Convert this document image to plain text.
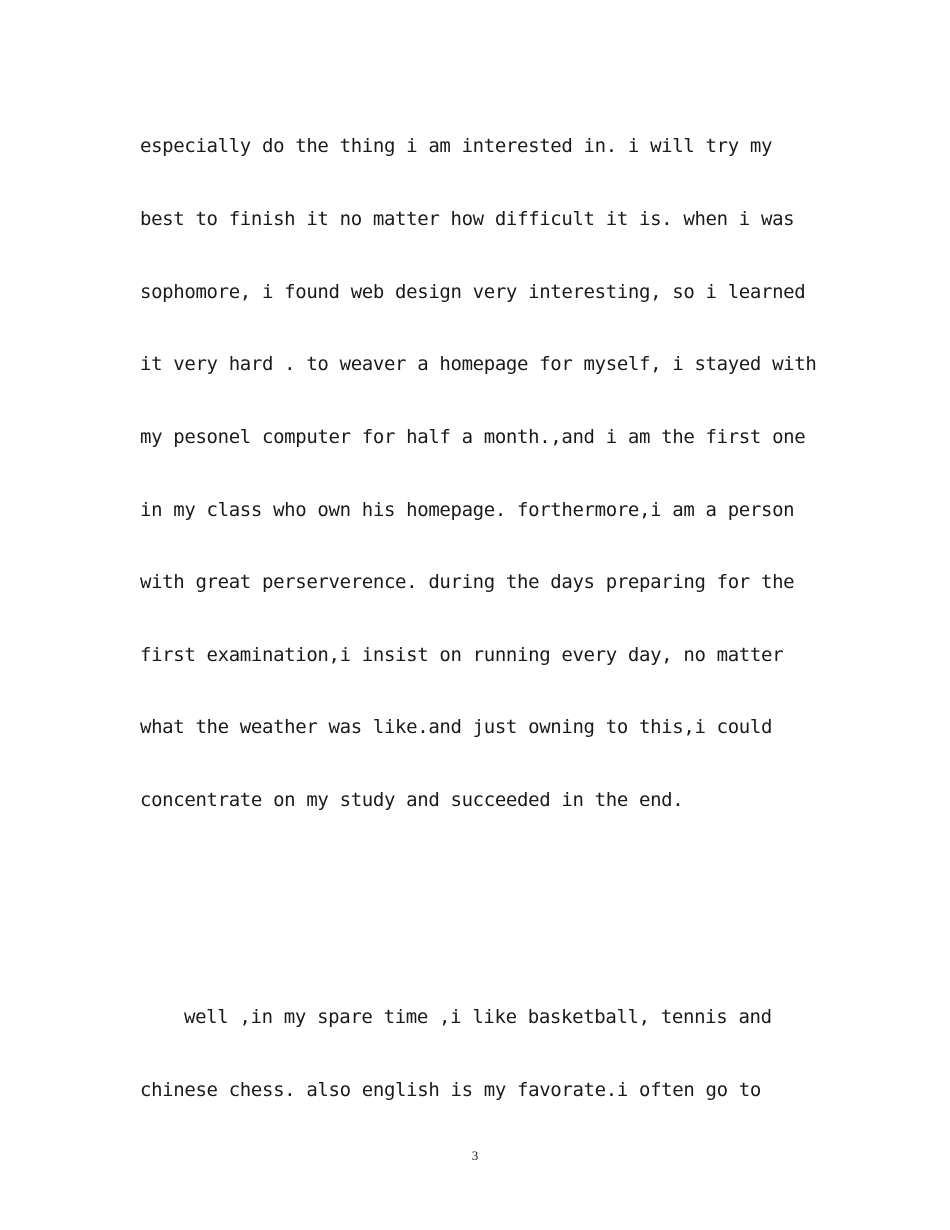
especially do the thing i am interested in. i will try my

best to finish it no matter how difficult it is. when i was

sophomore, i found web design very interesting, so i learned

it very hard . to weaver a homepage for myself, i stayed with

my pesonel computer for half a month.,and i am the first one

in my class who own his homepage. forthermore,i am a person

with great perserverence. during the days preparing for the

first examination,i insist on running every day, no matter

what the weather was like.and just owning to this,i could

concentrate on my study and succeeded in the end.

well ,in my spare time ,i like basketball, tennis and

chinese chess. also english is my favorate.i often go to

3
